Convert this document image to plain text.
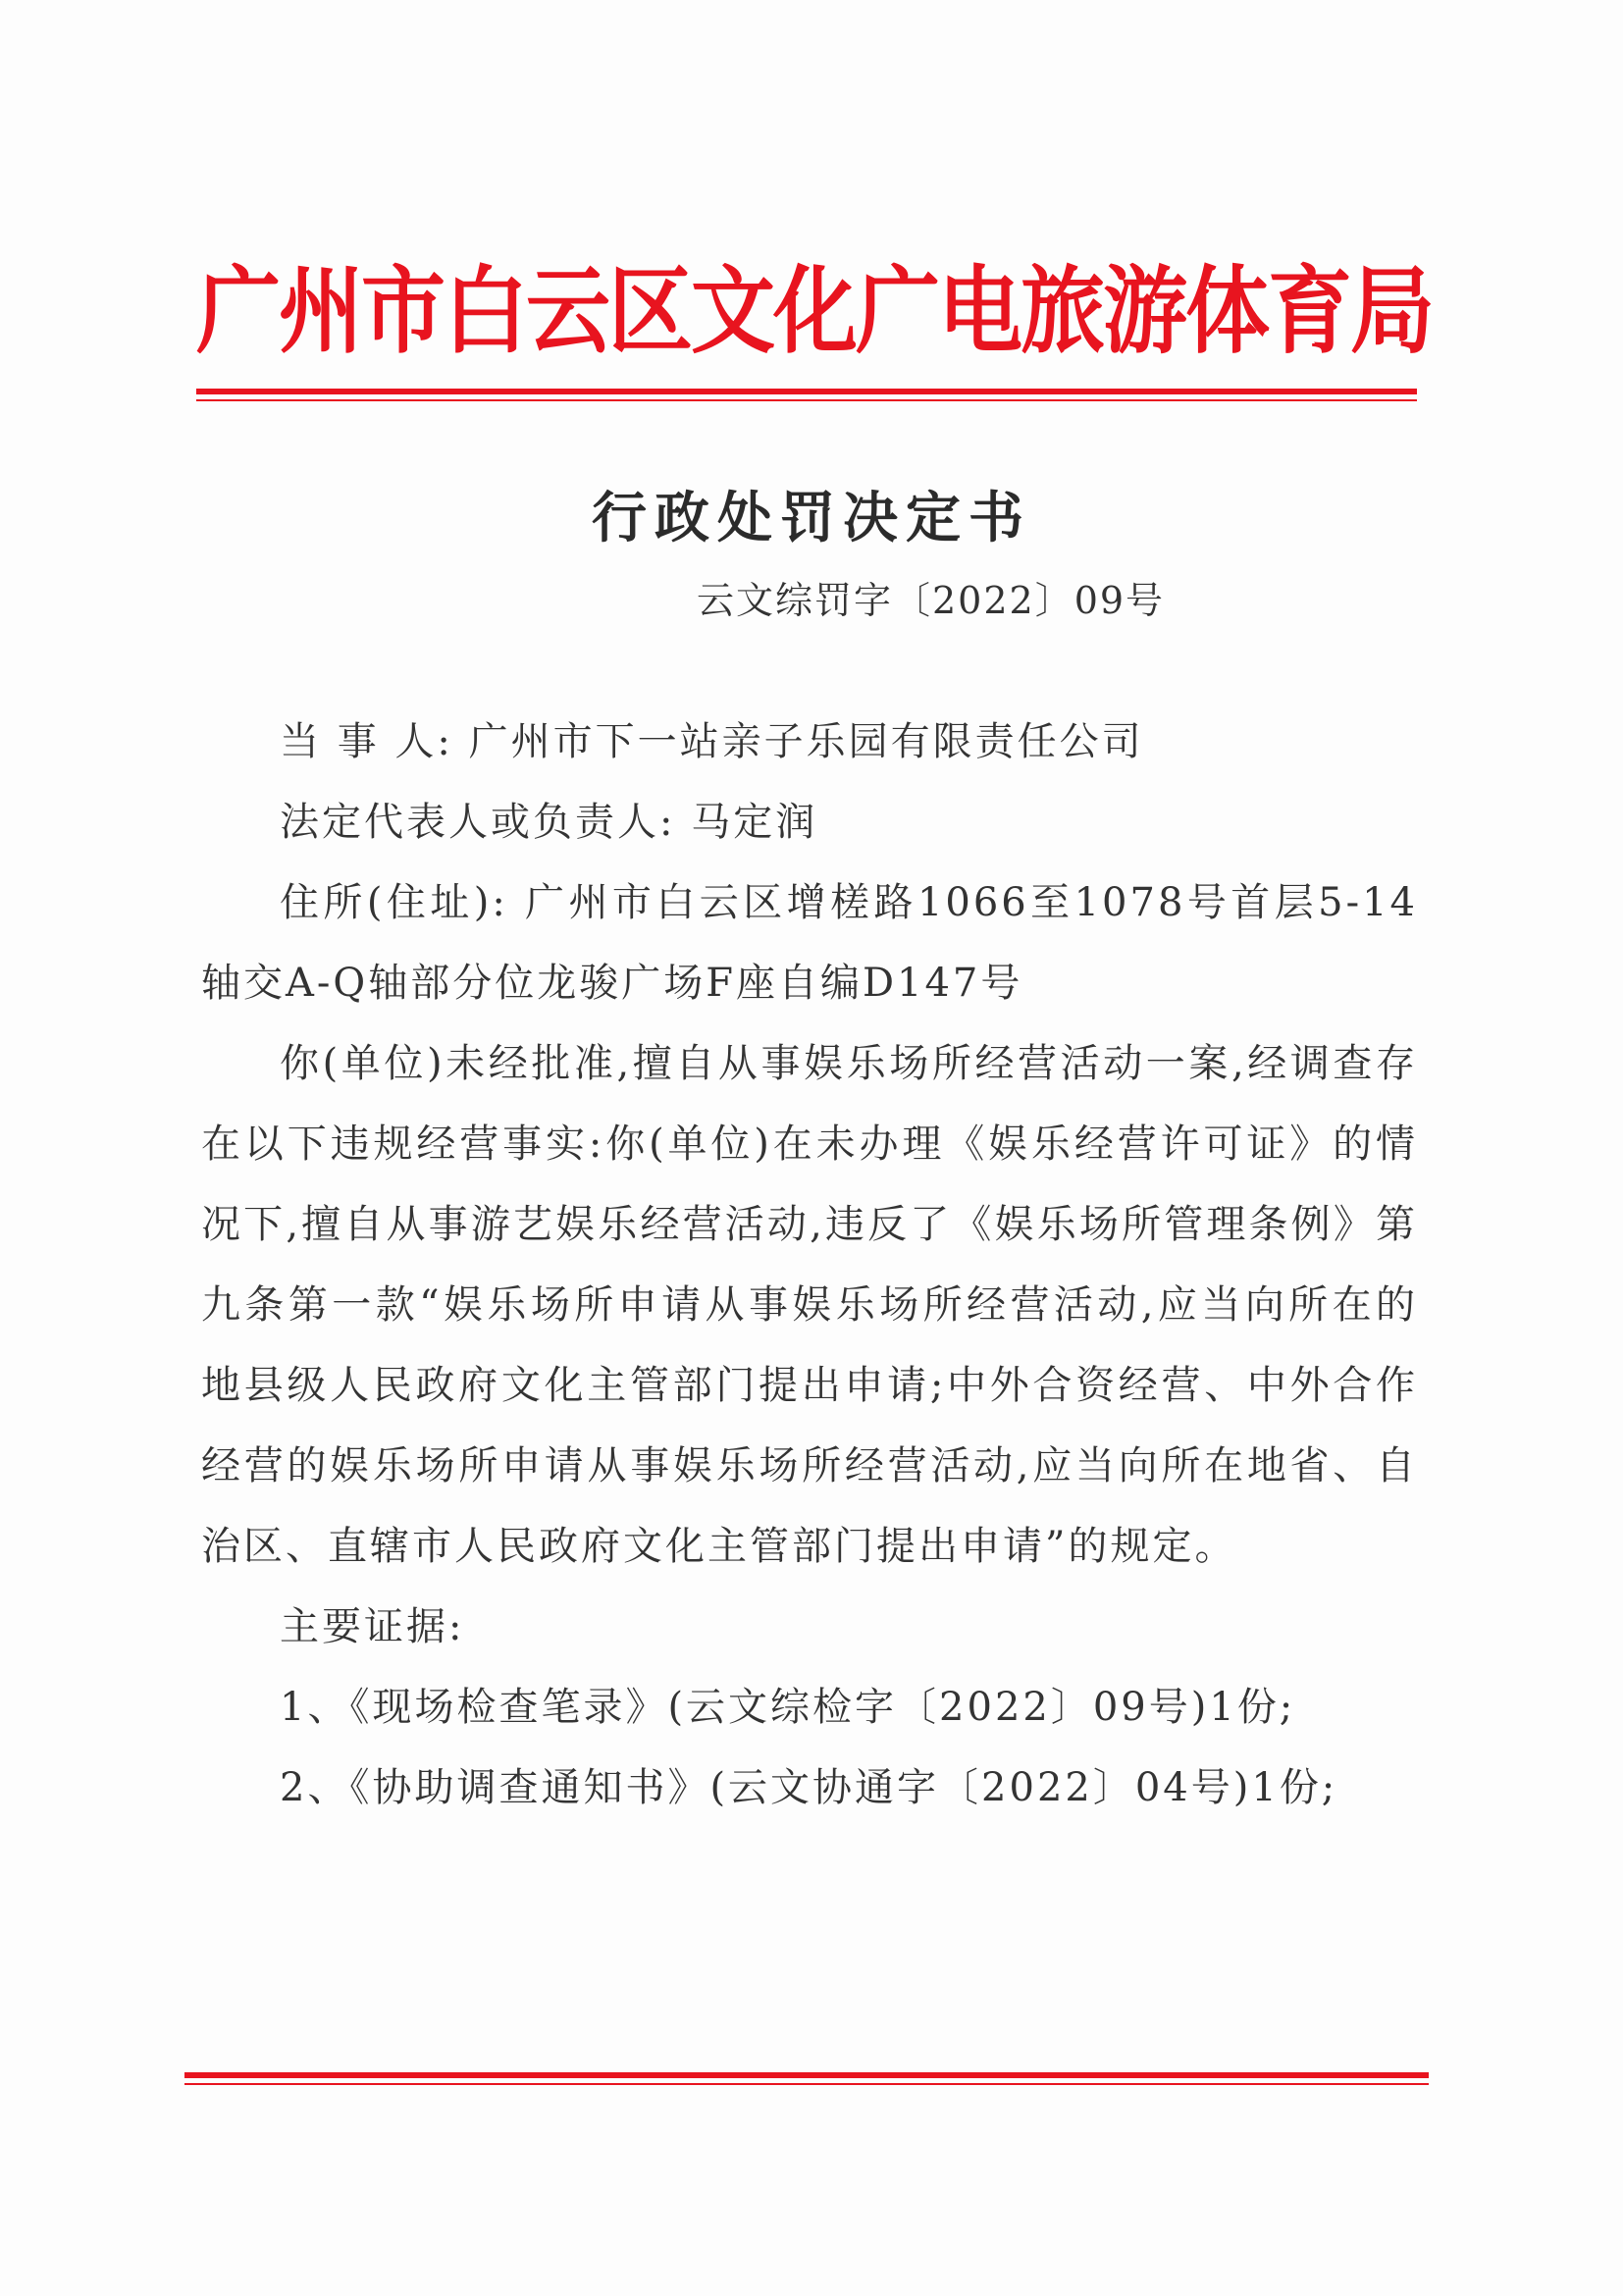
广州市白云区文化广电旅游体育局
行政处罚决定书
云文综罚字〔2022〕09号

当 事 人: 广州市下一站亲子乐园有限责任公司

法定代表人或负责人: 马定润

住所(住址): 广州市白云区增槎路1066至1078号首层5-14轴交A-Q轴部分位龙骏广场F座自编D147号

你(单位)未经批准,擅自从事娱乐场所经营活动一案,经调查存在以下违规经营事实:你(单位)在未办理《娱乐经营许可证》的情况下,擅自从事游艺娱乐经营活动,违反了《娱乐场所管理条例》第九条第一款“娱乐场所申请从事娱乐场所经营活动,应当向所在的地县级人民政府文化主管部门提出申请;中外合资经营、中外合作经营的娱乐场所申请从事娱乐场所经营活动,应当向所在地省、自治区、直辖市人民政府文化主管部门提出申请”的规定。

主要证据:

1、《现场检查笔录》(云文综检字〔2022〕09号)1份;

2、《协助调查通知书》(云文协通字〔2022〕04号)1份;
